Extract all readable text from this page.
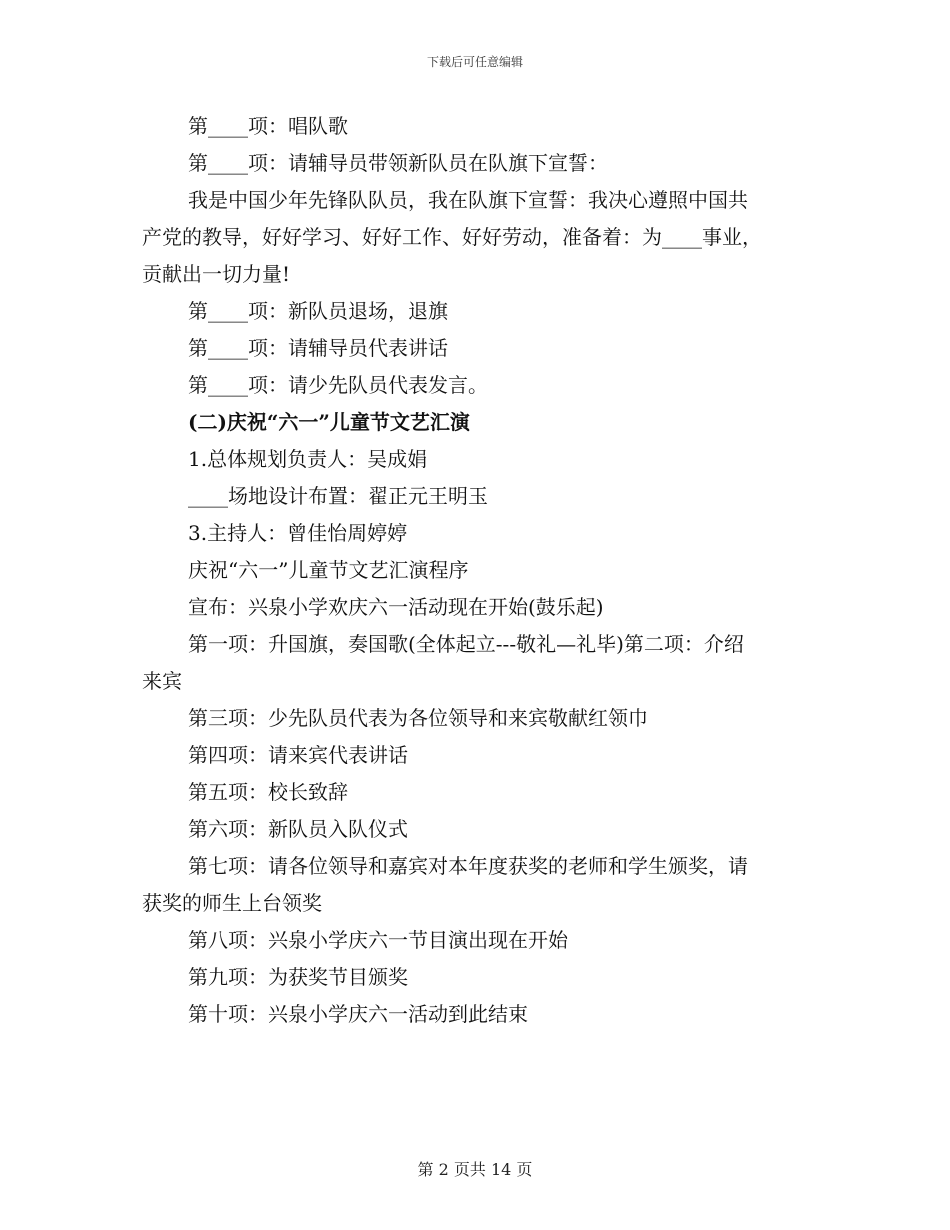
下载后可任意编辑
第____项：唱队歌
第____项：请辅导员带领新队员在队旗下宣誓：
我是中国少年先锋队队员，我在队旗下宣誓：我决心遵照中国共
产党的教导，好好学习、好好工作、好好劳动，准备着：为____事业，
贡献出一切力量!
第____项：新队员退场，退旗
第____项：请辅导员代表讲话
第____项：请少先队员代表发言。
(二)庆祝“六一”儿童节文艺汇演
1.总体规划负责人：吴成娟
____场地设计布置：翟正元王明玉
3.主持人：曾佳怡周婷婷
庆祝“六一”儿童节文艺汇演程序
宣布：兴泉小学欢庆六一活动现在开始(鼓乐起)
第一项：升国旗，奏国歌(全体起立---敬礼—礼毕)第二项：介绍
来宾
第三项：少先队员代表为各位领导和来宾敬献红领巾
第四项：请来宾代表讲话
第五项：校长致辞
第六项：新队员入队仪式
第七项：请各位领导和嘉宾对本年度获奖的老师和学生颁奖，请
获奖的师生上台领奖
第八项：兴泉小学庆六一节目演出现在开始
第九项：为获奖节目颁奖
第十项：兴泉小学庆六一活动到此结束
第 2 页共 14 页
